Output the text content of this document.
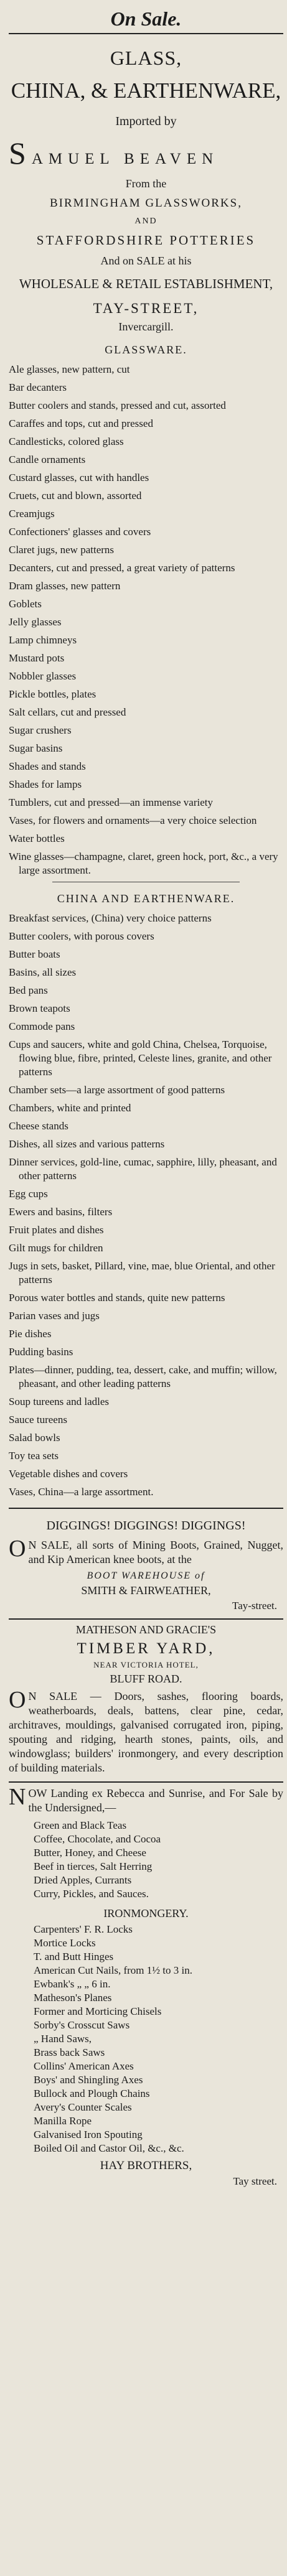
On Sale.
GLASS,
CHINA, & EARTHENWARE,
Imported by
SAMUEL BEAVEN
From the
BIRMINGHAM GLASSWORKS,
AND
STAFFORDSHIRE POTTERIES
And on SALE at his
WHOLESALE & RETAIL ESTABLISHMENT,
TAY-STREET,
Invercargill.
GLASSWARE.
Ale glasses, new pattern, cut
Bar decanters
Butter coolers and stands, pressed and cut, assorted
Caraffes and tops, cut and pressed
Candlesticks, colored glass
Candle ornaments
Custard glasses, cut with handles
Cruets, cut and blown, assorted
Creamjugs
Confectioners' glasses and covers
Claret jugs, new patterns
Decanters, cut and pressed, a great variety of patterns
Dram glasses, new pattern
Goblets
Jelly glasses
Lamp chimneys
Mustard pots
Nobbler glasses
Pickle bottles, plates
Salt cellars, cut and pressed
Sugar crushers
Sugar basins
Shades and stands
Shades for lamps
Tumblers, cut and pressed—an immense variety
Vases, for flowers and ornaments—a very choice selection
Water bottles
Wine glasses—champagne, claret, green hock, port, &c., a very large assortment.
CHINA AND EARTHENWARE.
Breakfast services, (China) very choice patterns
Butter coolers, with porous covers
Butter boats
Basins, all sizes
Bed pans
Brown teapots
Commode pans
Cups and saucers, white and gold China, Chelsea, Torquoise, flowing blue, fibre, printed, Celeste lines, granite, and other patterns
Chamber sets—a large assortment of good patterns
Chambers, white and printed
Cheese stands
Dishes, all sizes and various patterns
Dinner services, gold-line, cumac, sapphire, lilly, pheasant, and other patterns
Egg cups
Ewers and basins, filters
Fruit plates and dishes
Gilt mugs for children
Jugs in sets, basket, Pillard, vine, mae, blue Oriental, and other patterns
Porous water bottles and stands, quite new patterns
Parian vases and jugs
Pie dishes
Pudding basins
Plates—dinner, pudding, tea, dessert, cake, and muffin; willow, pheasant, and other leading patterns
Soup tureens and ladles
Sauce tureens
Salad bowls
Toy tea sets
Vegetable dishes and covers
Vases, China—a large assortment.
DIGGINGS! DIGGINGS! DIGGINGS!
O N SALE, all sorts of Mining Boots, Grained, Nugget, and Kip American knee boots, at the
BOOT WAREHOUSE of
SMITH & FAIRWEATHER,
Tay-street.
MATHESON AND GRACIE'S
TIMBER YARD,
NEAR VICTORIA HOTEL,
BLUFF ROAD.
O N SALE — Doors, sashes, flooring boards, weatherboards, deals, battens, clear pine, cedar, architraves, mouldings, galvanised corrugated iron, piping, spouting and ridging, hearth stones, paints, oils, and windowglass; builders' ironmongery, and every description of building materials.
NOW Landing ex Rebecca and Sunrise, and For Sale by the Undersigned,—
Green and Black Teas
Coffee, Chocolate, and Cocoa
Butter, Honey, and Cheese
Beef in tierces, Salt Herring
Dried Apples, Currants
Curry, Pickles, and Sauces.
IRONMONGERY.
Carpenters' F. R. Locks
Mortice Locks
T. and Butt Hinges
American Cut Nails, from 1½ to 3 in.
Ewbank's „ „ 6 in.
Matheson's Planes
Former and Morticing Chisels
Sorby's Crosscut Saws
„ Hand Saws,
Brass back Saws
Collins' American Axes
Boys' and Shingling Axes
Bullock and Plough Chains
Avery's Counter Scales
Manilla Rope
Galvanised Iron Spouting
Boiled Oil and Castor Oil, &c., &c.
HAY BROTHERS,
Tay street.
